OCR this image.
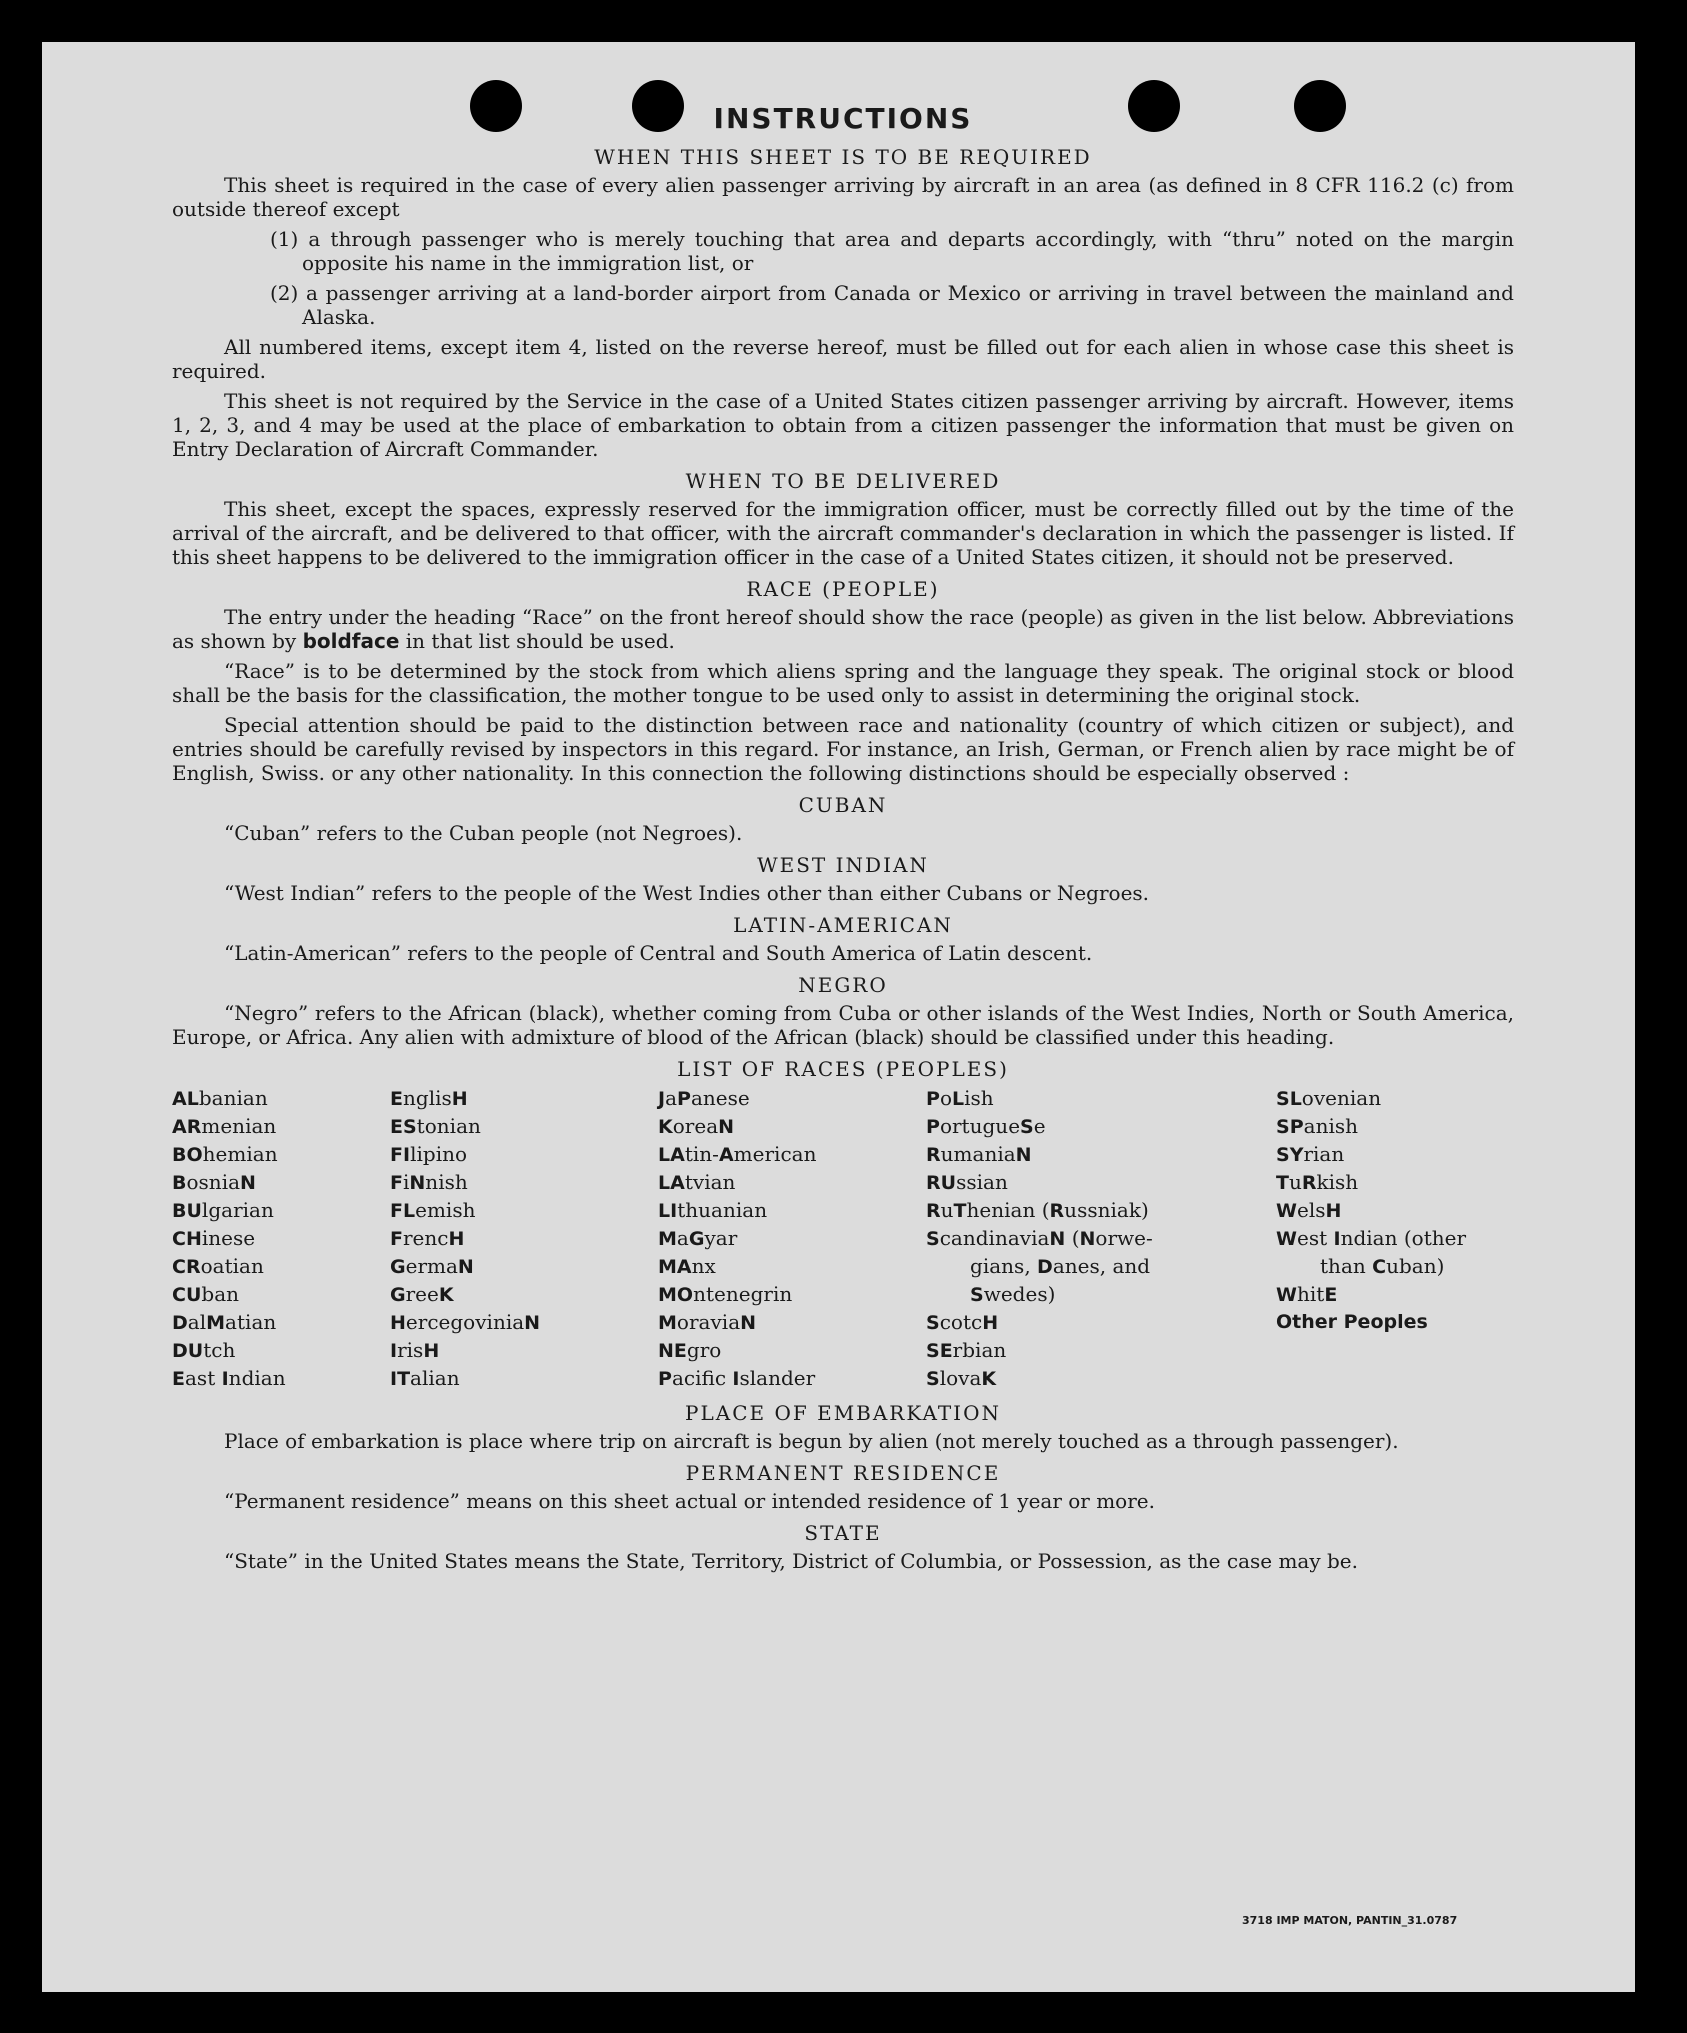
INSTRUCTIONS
WHEN THIS SHEET IS TO BE REQUIRED

This sheet is required in the case of every alien passenger arriving by aircraft in an area (as defined in 8 CFR 116.2 (c) from outside thereof except

(1) a through passenger who is merely touching that area and departs accordingly, with “thru” noted on the margin opposite his name in the immigration list, or

(2) a passenger arriving at a land-border airport from Canada or Mexico or arriving in travel between the mainland and Alaska.

All numbered items, except item 4, listed on the reverse hereof, must be filled out for each alien in whose case this sheet is required.

This sheet is not required by the Service in the case of a United States citizen passenger arriving by aircraft. However, items 1, 2, 3, and 4 may be used at the place of embarkation to obtain from a citizen passenger the information that must be given on Entry Declaration of Aircraft Commander.

WHEN TO BE DELIVERED

This sheet, except the spaces, expressly reserved for the immigration officer, must be correctly filled out by the time of the arrival of the aircraft, and be delivered to that officer, with the aircraft commander's declaration in which the passenger is listed. If this sheet happens to be delivered to the immigration officer in the case of a United States citizen, it should not be preserved.

RACE (PEOPLE)

The entry under the heading “Race” on the front hereof should show the race (people) as given in the list below. Abbreviations as shown by boldface in that list should be used.

“Race” is to be determined by the stock from which aliens spring and the language they speak. The original stock or blood shall be the basis for the classification, the mother tongue to be used only to assist in determining the original stock.

Special attention should be paid to the distinction between race and nationality (country of which citizen or subject), and entries should be carefully revised by inspectors in this regard. For instance, an Irish, German, or French alien by race might be of English, Swiss. or any other nationality. In this connection the following distinctions should be especially observed :

CUBAN

“Cuban” refers to the Cuban people (not Negroes).

WEST INDIAN

“West Indian” refers to the people of the West Indies other than either Cubans or Negroes.

LATIN-AMERICAN

“Latin-American” refers to the people of Central and South America of Latin descent.

NEGRO

“Negro” refers to the African (black), whether coming from Cuba or other islands of the West Indies, North or South America, Europe, or Africa. Any alien with admixture of blood of the African (black) should be classified under this heading.

LIST OF RACES (PEOPLES)
ALbanian
ARmenian
BOhemian
BosniaN
BUlgarian
CHinese
CRoatian
CUban
DalMatian
DUtch
East Indian
EnglisH
EStonian
FIlipino
FiNnish
FLemish
FrencH
GermaN
GreeK
HercegoviniaN
IrisH
ITalian
JaPanese
KoreaN
LAtin-American
LAtvian
LIthuanian
MaGyar
MAnx
MOntenegrin
MoraviaN
NEgro
Pacifc Islander
PoLish
PortugueSe
RumaniaN
RUssian
RuThenian (Russniak)
ScandinaviaN (Norwe-
gians, Danes, and
Swedes)
ScotcH
SErbian
SlovaK
SLovenian
SPanish
SYrian
TuRkish
WelsH
West Indian (other
than Cuban)
WhitE
Other Peoples
PLACE OF EMBARKATION

Place of embarkation is place where trip on aircraft is begun by alien (not merely touched as a through passenger).

PERMANENT RESIDENCE

“Permanent residence” means on this sheet actual or intended residence of 1 year or more.

STATE

“State” in the United States means the State, Territory, District of Columbia, or Possession, as the case may be.

3718 IMP MATON, PANTIN_31.0787
